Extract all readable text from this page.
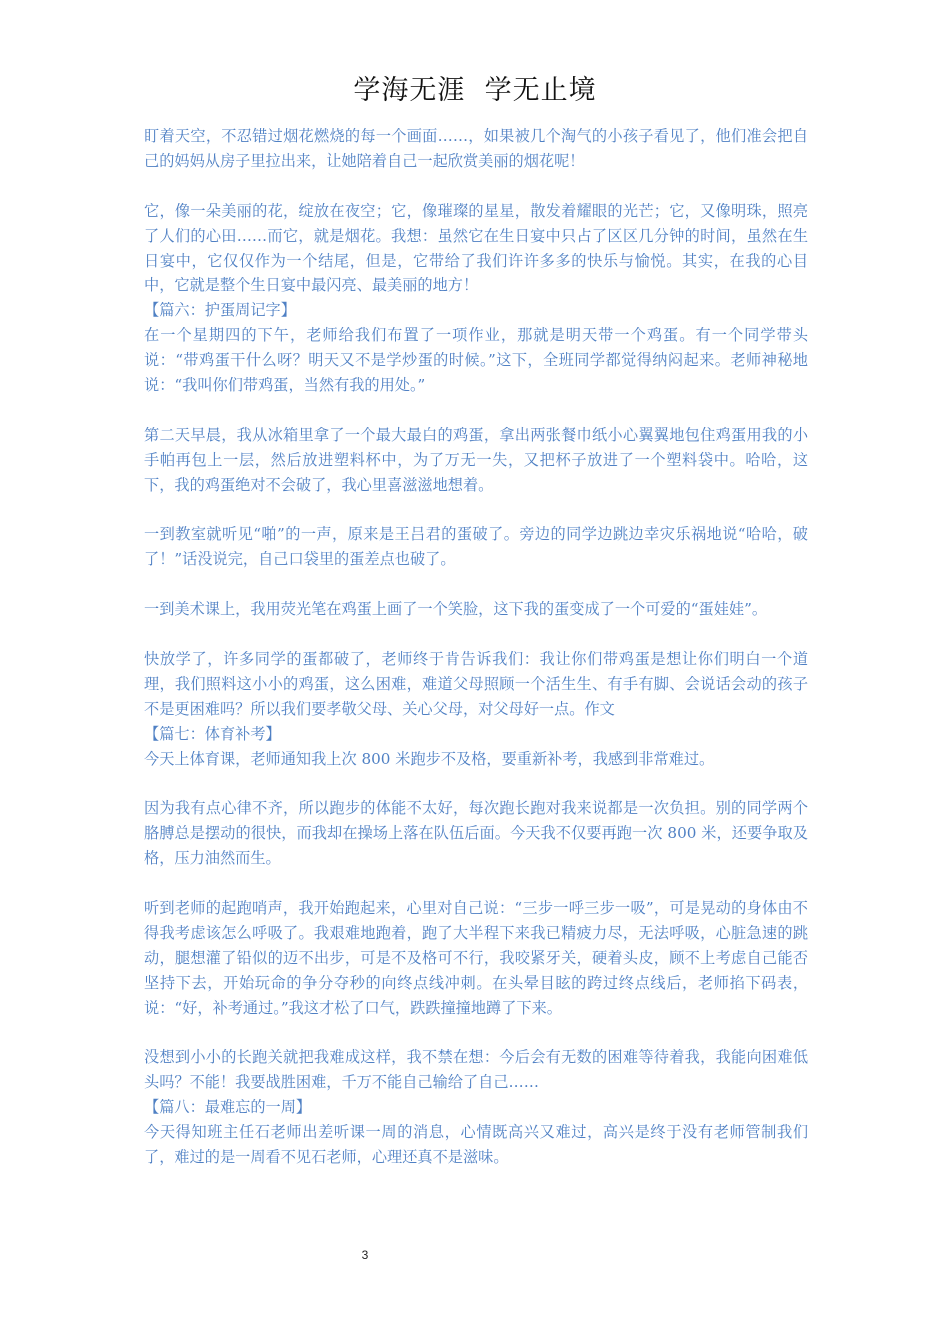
学海无涯  学无止境

盯着天空，不忍错过烟花燃烧的每一个画面……，如果被几个淘气的小孩子看见了，他们准会把自己的妈妈从房子里拉出来，让她陪着自己一起欣赏美丽的烟花呢！

它，像一朵美丽的花，绽放在夜空；它，像璀璨的星星，散发着耀眼的光芒；它，又像明珠，照亮了人们的心田……而它，就是烟花。我想：虽然它在生日宴中只占了区区几分钟的时间，虽然在生日宴中，它仅仅作为一个结尾，但是，它带给了我们许许多多的快乐与愉悦。其实，在我的心目中，它就是整个生日宴中最闪亮、最美丽的地方！

【篇六：护蛋周记字】

在一个星期四的下午，老师给我们布置了一项作业，那就是明天带一个鸡蛋。有一个同学带头说：“带鸡蛋干什么呀？明天又不是学炒蛋的时候。”这下，全班同学都觉得纳闷起来。老师神秘地说：“我叫你们带鸡蛋，当然有我的用处。”

第二天早晨，我从冰箱里拿了一个最大最白的鸡蛋，拿出两张餐巾纸小心翼翼地包住鸡蛋用我的小手帕再包上一层，然后放进塑料杯中，为了万无一失，又把杯子放进了一个塑料袋中。哈哈，这下，我的鸡蛋绝对不会破了，我心里喜滋滋地想着。

一到教室就听见“啪”的一声，原来是王吕君的蛋破了。旁边的同学边跳边幸灾乐祸地说“哈哈，破了！”话没说完，自己口袋里的蛋差点也破了。

一到美术课上，我用荧光笔在鸡蛋上画了一个笑脸，这下我的蛋变成了一个可爱的“蛋娃娃”。

快放学了，许多同学的蛋都破了，老师终于肯告诉我们：我让你们带鸡蛋是想让你们明白一个道理，我们照料这小小的鸡蛋，这么困难，难道父母照顾一个活生生、有手有脚、会说话会动的孩子不是更困难吗？所以我们要孝敬父母、关心父母，对父母好一点。作文

【篇七：体育补考】

今天上体育课，老师通知我上次 800 米跑步不及格，要重新补考，我感到非常难过。

因为我有点心律不齐，所以跑步的体能不太好，每次跑长跑对我来说都是一次负担。别的同学两个胳膊总是摆动的很快，而我却在操场上落在队伍后面。今天我不仅要再跑一次 800 米，还要争取及格，压力油然而生。

听到老师的起跑哨声，我开始跑起来，心里对自己说：“三步一呼三步一吸”，可是晃动的身体由不得我考虑该怎么呼吸了。我艰难地跑着，跑了大半程下来我已精疲力尽，无法呼吸，心脏急速的跳动，腿想灌了铅似的迈不出步，可是不及格可不行，我咬紧牙关，硬着头皮，顾不上考虑自己能否坚持下去，开始玩命的争分夺秒的向终点线冲刺。在头晕目眩的跨过终点线后，老师掐下码表，说：“好，补考通过。”我这才松了口气，跌跌撞撞地蹲了下来。

没想到小小的长跑关就把我难成这样，我不禁在想：今后会有无数的困难等待着我，我能向困难低头吗？不能！我要战胜困难，千万不能自己输给了自己……

【篇八：最难忘的一周】

今天得知班主任石老师出差听课一周的消息，心情既高兴又难过，高兴是终于没有老师管制我们了，难过的是一周看不见石老师，心理还真不是滋味。

3
